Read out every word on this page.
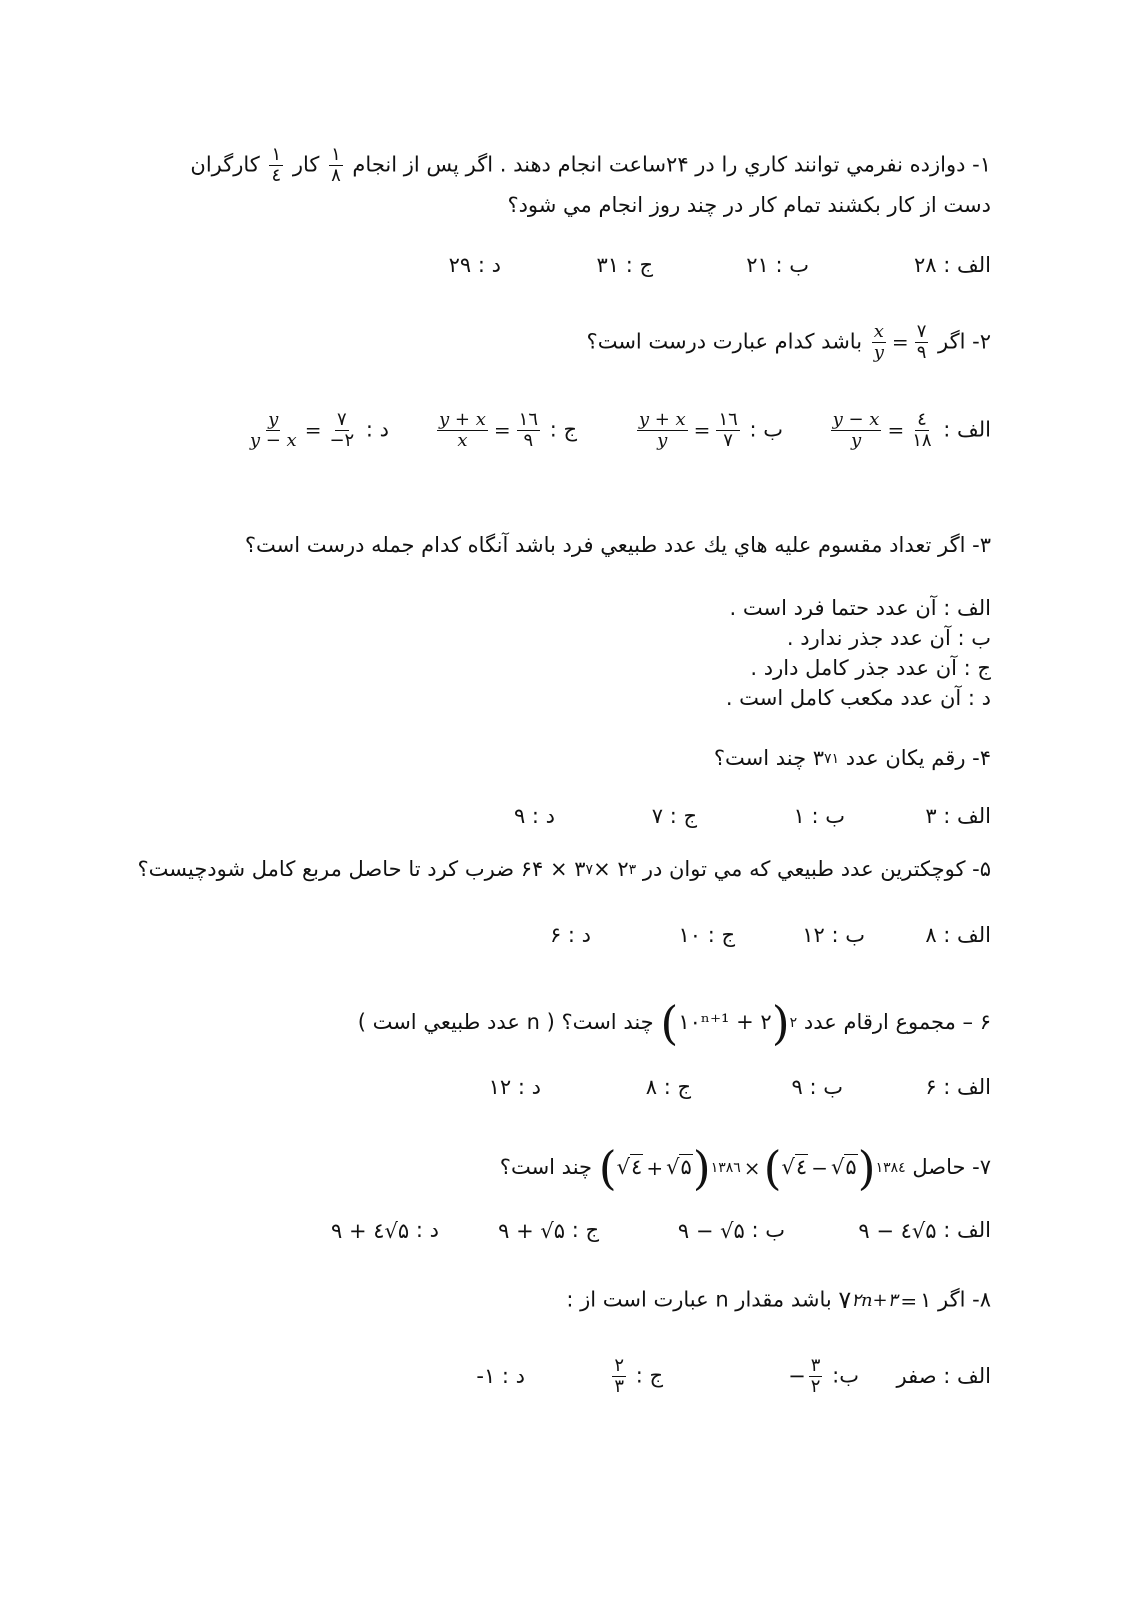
۱- دوازده نفرمي توانند كاري را در ۲۴ساعت انجام دهند . اگر پس از انجام
$\frac{۱}{۸}$
كار
$\frac{۱}{٤}$
كارگران
دست از كار بكشند تمام كار در چند روز انجام مي شود؟
الف : ۲۸
ب : ۲۱
ج : ۳۱
د : ۲۹
۲- اگر
$\frac{x}{y} = \frac{۷}{۹}$
باشد كدام عبارت درست است؟
الف :
$\frac{y - x}{y} = \frac{٤}{۱۸}$
ب :
$\frac{y + x}{y} = \frac{۱٦}{۷}$
ج :
$\frac{y + x}{x} = \frac{۱٦}{۹}$
د :
$\frac{y}{y - x} = \frac{۷}{-۲}$
۳- اگر تعداد مقسوم عليه هاي يك عدد طبيعي فرد باشد آنگاه كدام جمله درست است؟
الف : آن عدد حتما فرد است .
ب : آن عدد جذر ندارد .
ج : آن عدد جذر كامل دارد .
د : آن عدد مكعب كامل است .
۴- رقم يكان عدد
۳ ۷۱
چند است؟
الف : ۳
ب : ۱
ج : ۷
د : ۹
۵- كوچكترين عدد طبيعي كه مي توان در
۶۴ × ۳ ۷ × ۲ ۳
ضرب كرد تا حاصل مربع كامل شودچيست؟
الف : ۸
ب : ۱۲
ج : ۱۰
د : ۶
۶ – مجموع ارقام عدد
( ۱۰ⁿ⁺¹ + ۲ ) ۲
چند است؟ ( n عدد طبيعي است )
الف : ۶
ب : ۹
ج : ۸
د : ۱۲
۷- حاصل
( √٤ + √۵ ) ۱۳۸٦ × ( √٤ − √۵ ) ۱۳۸٤
چند است؟
الف : ۹ − ٤√۵
ب : ۹ − √۵
ج : ۹ + √۵
د : ۹ + ٤√۵
۸- اگر
۷ ۲n+۳ = ۱
باشد مقدار n عبارت است از :
الف : صفر
ب:
− $\frac{۳}{۲}$
ج :
$\frac{۲}{۳}$
د : ۱-
